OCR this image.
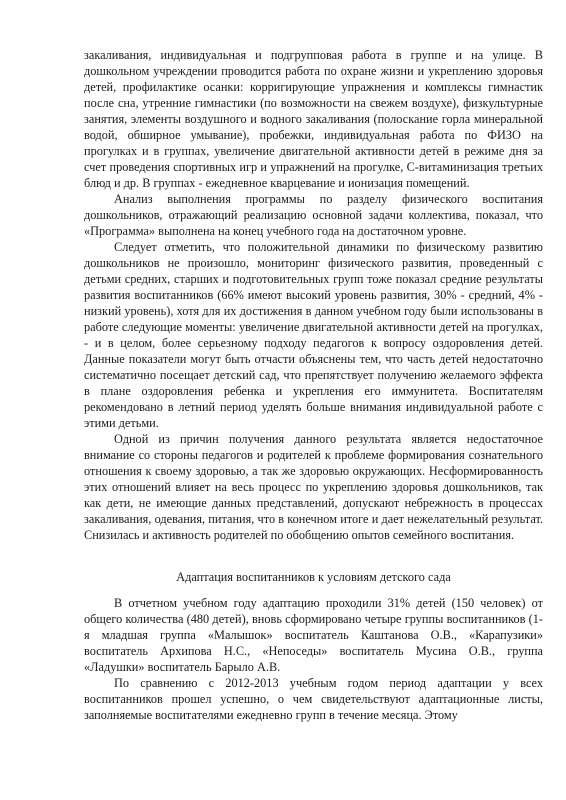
закаливания, индивидуальная и подгрупповая работа в группе и на улице. В дошкольном учреждении проводится работа по охране жизни и укреплению здоровья детей, профилактике осанки: корригирующие упражнения и комплексы гимнастик после сна, утренние гимнастики (по возможности на свежем воздухе), физкультурные занятия, элементы воздушного и водного закаливания (полоскание горла минеральной водой, обширное умывание), пробежки, индивидуальная работа по ФИЗО на прогулках и в группах, увеличение двигательной активности детей в режиме дня за счет проведения спортивных игр и упражнений на прогулке, С-витаминизация третьих блюд и др. В группах - ежедневное кварцевание и ионизация помещений.

Анализ выполнения программы по разделу физического воспитания дошкольников, отражающий реализацию основной задачи коллектива, показал, что «Программа» выполнена на конец учебного года на достаточном уровне.

Следует отметить, что положительной динамики по физическому развитию дошкольников не произошло, мониторинг физического развития, проведенный с детьми средних, старших и подготовительных групп тоже показал средние результаты развития воспитанников (66% имеют высокий уровень развития, 30% - средний, 4% - низкий уровень), хотя для их достижения в данном учебном году были использованы в работе следующие моменты: увеличение двигательной активности детей на прогулках, - и в целом, более серьезному подходу педагогов к вопросу оздоровления детей. Данные показатели могут быть отчасти объяснены тем, что часть детей недостаточно систематично посещает детский сад, что препятствует получению желаемого эффекта в плане оздоровления ребенка и укрепления его иммунитета. Воспитателям рекомендовано в летний период уделять больше внимания индивидуальной работе с этими детьми.

Одной из причин получения данного результата является недостаточное внимание со стороны педагогов и родителей к проблеме формирования сознательного отношения к своему здоровью, а так же здоровью окружающих. Несформированность этих отношений влияет на весь процесс по укреплению здоровья дошкольников, так как дети, не имеющие данных представлений, допускают небрежность в процессах закаливания, одевания, питания, что в конечном итоге и дает нежелательный результат. Снизилась и активность родителей по обобщению опытов семейного воспитания.

Адаптация воспитанников к условиям детского сада

В отчетном учебном году адаптацию проходили 31% детей (150 человек) от общего количества (480 детей), вновь сформировано четыре группы воспитанников (1-я младшая группа «Малышок» воспитатель Каштанова О.В., «Карапузики» воспитатель Архипова Н.С., «Непоседы» воспитатель Мусина О.В., группа «Ладушки» воспитатель Барыло А.В.

По сравнению с 2012-2013 учебным годом период адаптации у всех воспитанников прошел успешно, о чем свидетельствуют адаптационные листы, заполняемые воспитателями ежедневно групп в течение месяца. Этому
